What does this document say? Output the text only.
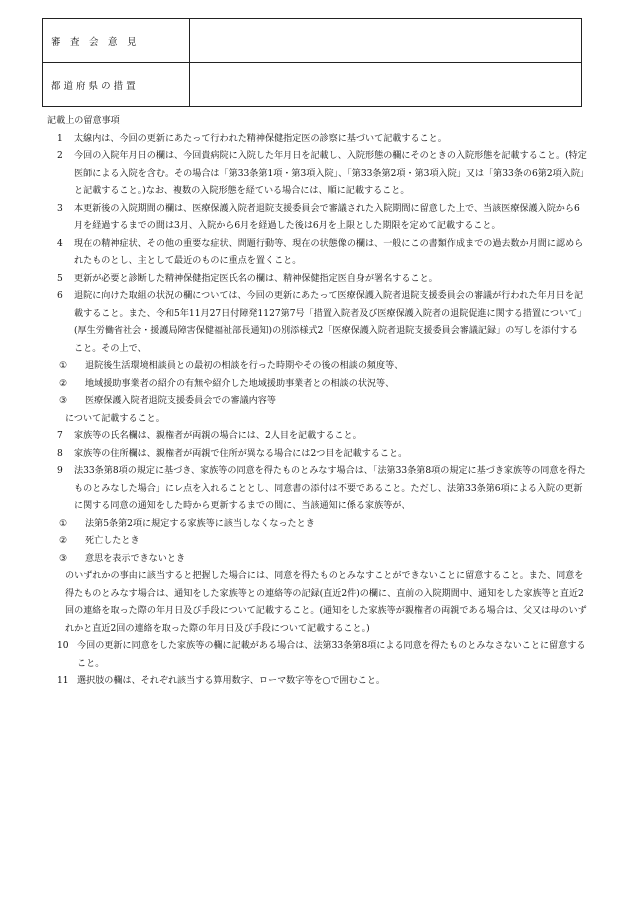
審　査　会　意　見	
都 道 府 県 の 措 置	

記載上の留意事項

1 太線内は、今回の更新にあたって行われた精神保健指定医の診察に基づいて記載すること。

2 今回の入院年月日の欄は、今回貴病院に入院した年月日を記載し、入院形態の欄にそのときの入院形態を記載すること。(特定医師による入院を含む。その場合は「第33条第1項・第3項入院」、「第33条第2項・第3項入院」又は「第33条の6第2項入院」と記載すること。)なお、複数の入院形態を経ている場合には、順に記載すること。

3 本更新後の入院期間の欄は、医療保護入院者退院支援委員会で審議された入院期間に留意した上で、当該医療保護入院から6月を経過するまでの間は3月、入院から6月を経過した後は6月を上限とした期限を定めて記載すること。

4 現在の精神症状、その他の重要な症状、問題行動等、現在の状態像の欄は、一般にこの書類作成までの過去数か月間に認められたものとし、主として最近のものに重点を置くこと。

5 更新が必要と診断した精神保健指定医氏名の欄は、精神保健指定医自身が署名すること。

6 退院に向けた取組の状況の欄については、今回の更新にあたって医療保護入院者退院支援委員会の審議が行われた年月日を記載すること。また、令和5年11月27日付障発1127第7号「措置入院者及び医療保護入院者の退院促進に関する措置について」(厚生労働省社会・援護局障害保健福祉部長通知)の別添様式2「医療保護入院者退院支援委員会審議記録」の写しを添付すること。その上で、

① 退院後生活環境相談員との最初の相談を行った時期やその後の相談の頻度等、

② 地域援助事業者の紹介の有無や紹介した地域援助事業者との相談の状況等、

③ 医療保護入院者退院支援委員会での審議内容等

について記載すること。

7 家族等の氏名欄は、親権者が両親の場合には、2人目を記載すること。

8 家族等の住所欄は、親権者が両親で住所が異なる場合には2つ目を記載すること。

9 法33条第8項の規定に基づき、家族等の同意を得たものとみなす場合は、「法第33条第8項の規定に基づき家族等の同意を得たものとみなした場合」にレ点を入れることとし、同意書の添付は不要であること。ただし、法第33条第6項による入院の更新に関する同意の通知をした時から更新するまでの間に、当該通知に係る家族等が、

① 法第5条第2項に規定する家族等に該当しなくなったとき

② 死亡したとき

③ 意思を表示できないとき

のいずれかの事由に該当すると把握した場合には、同意を得たものとみなすことができないことに留意すること。また、同意を得たものとみなす場合は、通知をした家族等との連絡等の記録(直近2件)の欄に、直前の入院期間中、通知をした家族等と直近2回の連絡を取った際の年月日及び手段について記載すること。(通知をした家族等が親権者の両親である場合は、父又は母のいずれかと直近2回の連絡を取った際の年月日及び手段について記載すること。)

10 今回の更新に同意をした家族等の欄に記載がある場合は、法第33条第8項による同意を得たものとみなさないことに留意すること。

11 選択肢の欄は、それぞれ該当する算用数字、ローマ数字等を○で囲むこと。
